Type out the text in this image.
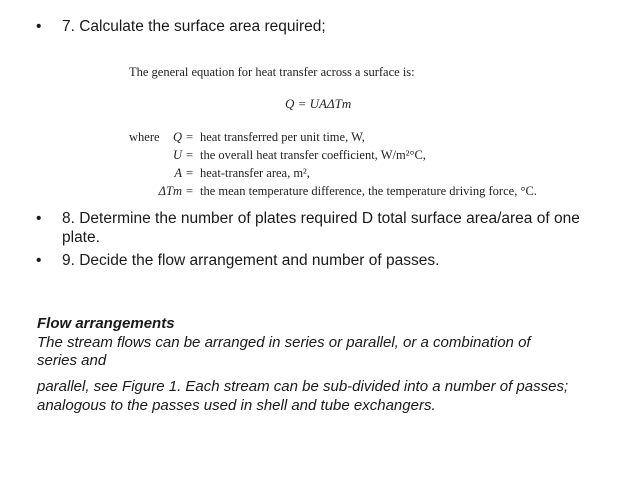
• 7. Calculate the surface area required;
The general equation for heat transfer across a surface is:
Q = UAΔTm
where Q = heat transferred per unit time, W,
U = the overall heat transfer coefficient, W/m²°C,
A = heat-transfer area, m²,
ΔTm = the mean temperature difference, the temperature driving force, °C.
• 8. Determine the number of plates required D total surface area/area of one plate.
• 9. Decide the flow arrangement and number of passes.
Flow arrangements
The stream flows can be arranged in series or parallel, or a combination of
series and
parallel, see Figure 1. Each stream can be sub-divided into a number of passes;
analogous to the passes used in shell and tube exchangers.
